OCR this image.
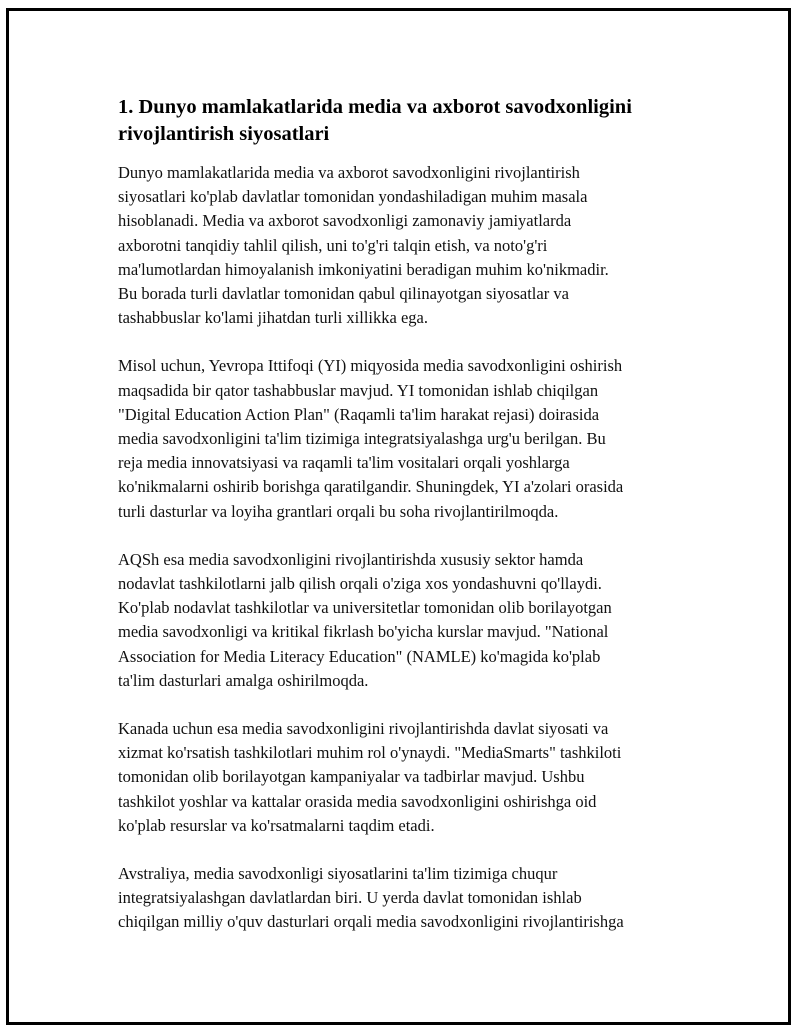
1. Dunyo mamlakatlarida media va axborot savodxonligini
rivojlantirish siyosatlari

Dunyo mamlakatlarida media va axborot savodxonligini rivojlantirish
siyosatlari ko'plab davlatlar tomonidan yondashiladigan muhim masala
hisoblanadi. Media va axborot savodxonligi zamonaviy jamiyatlarda
axborotni tanqidiy tahlil qilish, uni to'g'ri talqin etish, va noto'g'ri
ma'lumotlardan himoyalanish imkoniyatini beradigan muhim ko'nikmadir.
Bu borada turli davlatlar tomonidan qabul qilinayotgan siyosatlar va
tashabbuslar ko'lami jihatdan turli xillikka ega.

Misol uchun, Yevropa Ittifoqi (YI) miqyosida media savodxonligini oshirish
maqsadida bir qator tashabbuslar mavjud. YI tomonidan ishlab chiqilgan
"Digital Education Action Plan" (Raqamli ta'lim harakat rejasi) doirasida
media savodxonligini ta'lim tizimiga integratsiyalashga urg'u berilgan. Bu
reja media innovatsiyasi va raqamli ta'lim vositalari orqali yoshlarga
ko'nikmalarni oshirib borishga qaratilgandir. Shuningdek, YI a'zolari orasida
turli dasturlar va loyiha grantlari orqali bu soha rivojlantirilmoqda.

AQSh esa media savodxonligini rivojlantirishda xususiy sektor hamda
nodavlat tashkilotlarni jalb qilish orqali o'ziga xos yondashuvni qo'llaydi.
Ko'plab nodavlat tashkilotlar va universitetlar tomonidan olib borilayotgan
media savodxonligi va kritikal fikrlash bo'yicha kurslar mavjud. "National
Association for Media Literacy Education" (NAMLE) ko'magida ko'plab
ta'lim dasturlari amalga oshirilmoqda.

Kanada uchun esa media savodxonligini rivojlantirishda davlat siyosati va
xizmat ko'rsatish tashkilotlari muhim rol o'ynaydi. "MediaSmarts" tashkiloti
tomonidan olib borilayotgan kampaniyalar va tadbirlar mavjud. Ushbu
tashkilot yoshlar va kattalar orasida media savodxonligini oshirishga oid
ko'plab resurslar va ko'rsatmalarni taqdim etadi.

Avstraliya, media savodxonligi siyosatlarini ta'lim tizimiga chuqur
integratsiyalashgan davlatlardan biri. U yerda davlat tomonidan ishlab
chiqilgan milliy o'quv dasturlari orqali media savodxonligini rivojlantirishga
